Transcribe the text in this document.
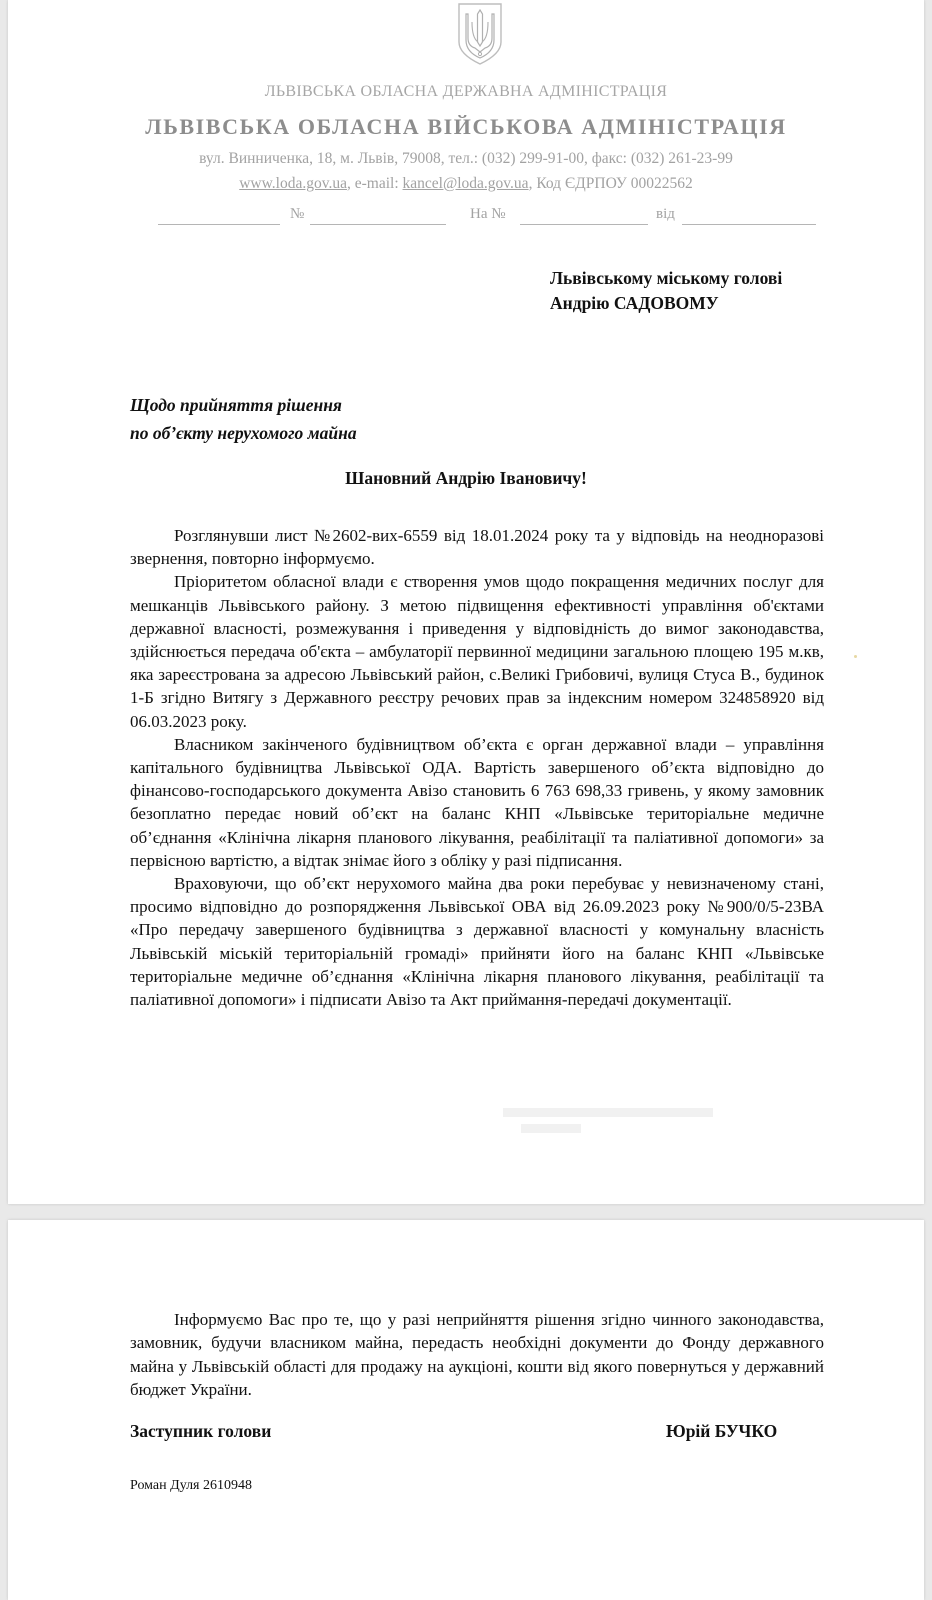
ЛЬВІВСЬКА ОБЛАСНА ДЕРЖАВНА АДМІНІСТРАЦІЯ
ЛЬВІВСЬКА ОБЛАСНА ВІЙСЬКОВА АДМІНІСТРАЦІЯ
вул. Винниченка, 18, м. Львів, 79008, тел.: (032) 299-91-00, факс: (032) 261-23-99
www.loda.gov.ua, e-mail: kancel@loda.gov.ua, Код ЄДРПОУ 00022562
№	На №	від
Львівському міському голові
Андрію САДОВОМУ
Щодо прийняття рішення
по об’єкту нерухомого майна
Шановний Андрію Івановичу!

Розглянувши лист №2602-вих-6559 від 18.01.2024 року та у відповідь на неодноразові звернення, повторно інформуємо.

Пріоритетом обласної влади є створення умов щодо покращення медичних послуг для мешканців Львівського району. З метою підвищення ефективності управління об'єктами державної власності, розмежування і приведення у відповідність до вимог законодавства, здійснюється передача об'єкта – амбулаторії первинної медицини загальною площею 195 м.кв, яка зареєстрована за адресою Львівський район, с.Великі Грибовичі, вулиця Стуса В., будинок 1-Б згідно Витягу з Державного реєстру речових прав за індексним номером 324858920 від 06.03.2023 року.

Власником закінченого будівництвом об’єкта є орган державної влади – управління капітального будівництва Львівської ОДА. Вартість завершеного об’єкта відповідно до фінансово-господарського документа Авізо становить 6 763 698,33 гривень, у якому замовник безоплатно передає новий об’єкт на баланс КНП «Львівське територіальне медичне об’єднання «Клінічна лікарня планового лікування, реабілітації та паліативної допомоги» за первісною вартістю, а відтак знімає його з обліку у разі підписання.

Враховуючи, що об’єкт нерухомого майна два роки перебуває у невизначеному стані, просимо відповідно до розпорядження Львівської ОВА від 26.09.2023 року №900/0/5-23ВА «Про передачу завершеного будівництва з державної власності у комунальну власність Львівській міській територіальній громаді» прийняти його на баланс КНП «Львівське територіальне медичне об’єднання «Клінічна лікарня планового лікування, реабілітації та паліативної допомоги» і підписати Авізо та Акт приймання-передачі документації.

Інформуємо Вас про те, що у разі неприйняття рішення згідно чинного законодавства, замовник, будучи власником майна, передасть необхідні документи до Фонду державного майна у Львівській області для продажу на аукціоні, кошти від якого повернуться у державний бюджет України.

Заступник голови	Юрій БУЧКО
Роман Дуля 2610948
